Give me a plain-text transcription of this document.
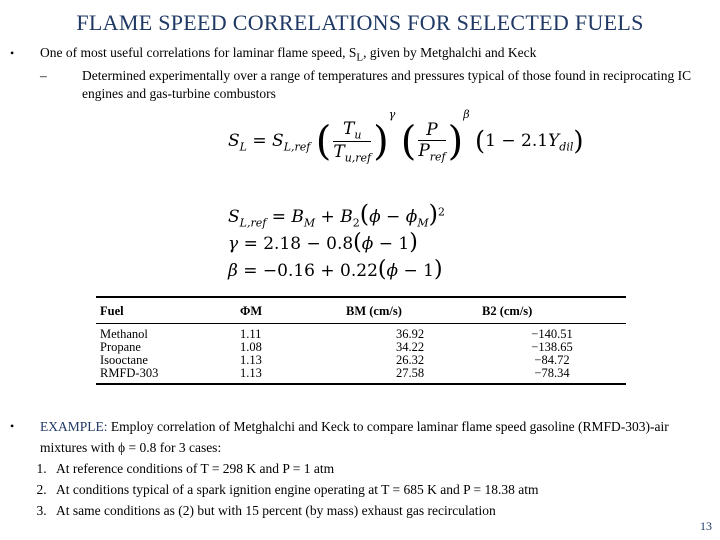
FLAME SPEED CORRELATIONS FOR SELECTED FUELS
• One of most useful correlations for laminar flame speed, $S_L$, given by Metghalchi and Keck
–	Determined experimentally over a range of temperatures and pressures typical of those found in reciprocating IC engines and gas-turbine combustors
$S_L = S_{L,ref}$ ( $\frac{T_u}{T_{u,ref}} )^\gamma$ ( $\frac{P}{P_{ref}} )^\beta$ $(1 - 2.1Y_{dil})$
$S_{L,ref} = B_M + B_2(\phi - \phi_M)^2$
γ = 2.18 − 0.8(ϕ − 1)
β = −0.16 + 0.22(ϕ − 1)
Fuel	ΦM	BM (cm/s)	B2 (cm/s)
Methanol	1.11	36.92	−140.51
Propane	1.08	34.22	−138.65
Isooctane	1.13	26.32	−84.72
RMFD-303	1.13	27.58	−78.34
• EXAMPLE: Employ correlation of Metghalchi and Keck to compare laminar flame speed gasoline (RMFD-303)-air mixtures with ϕ = 0.8 for 3 cases:
1. At reference conditions of T = 298 K and P = 1 atm
2. At conditions typical of a spark ignition engine operating at T = 685 K and P = 18.38 atm
3. At same conditions as (2) but with 15 percent (by mass) exhaust gas recirculation
13
